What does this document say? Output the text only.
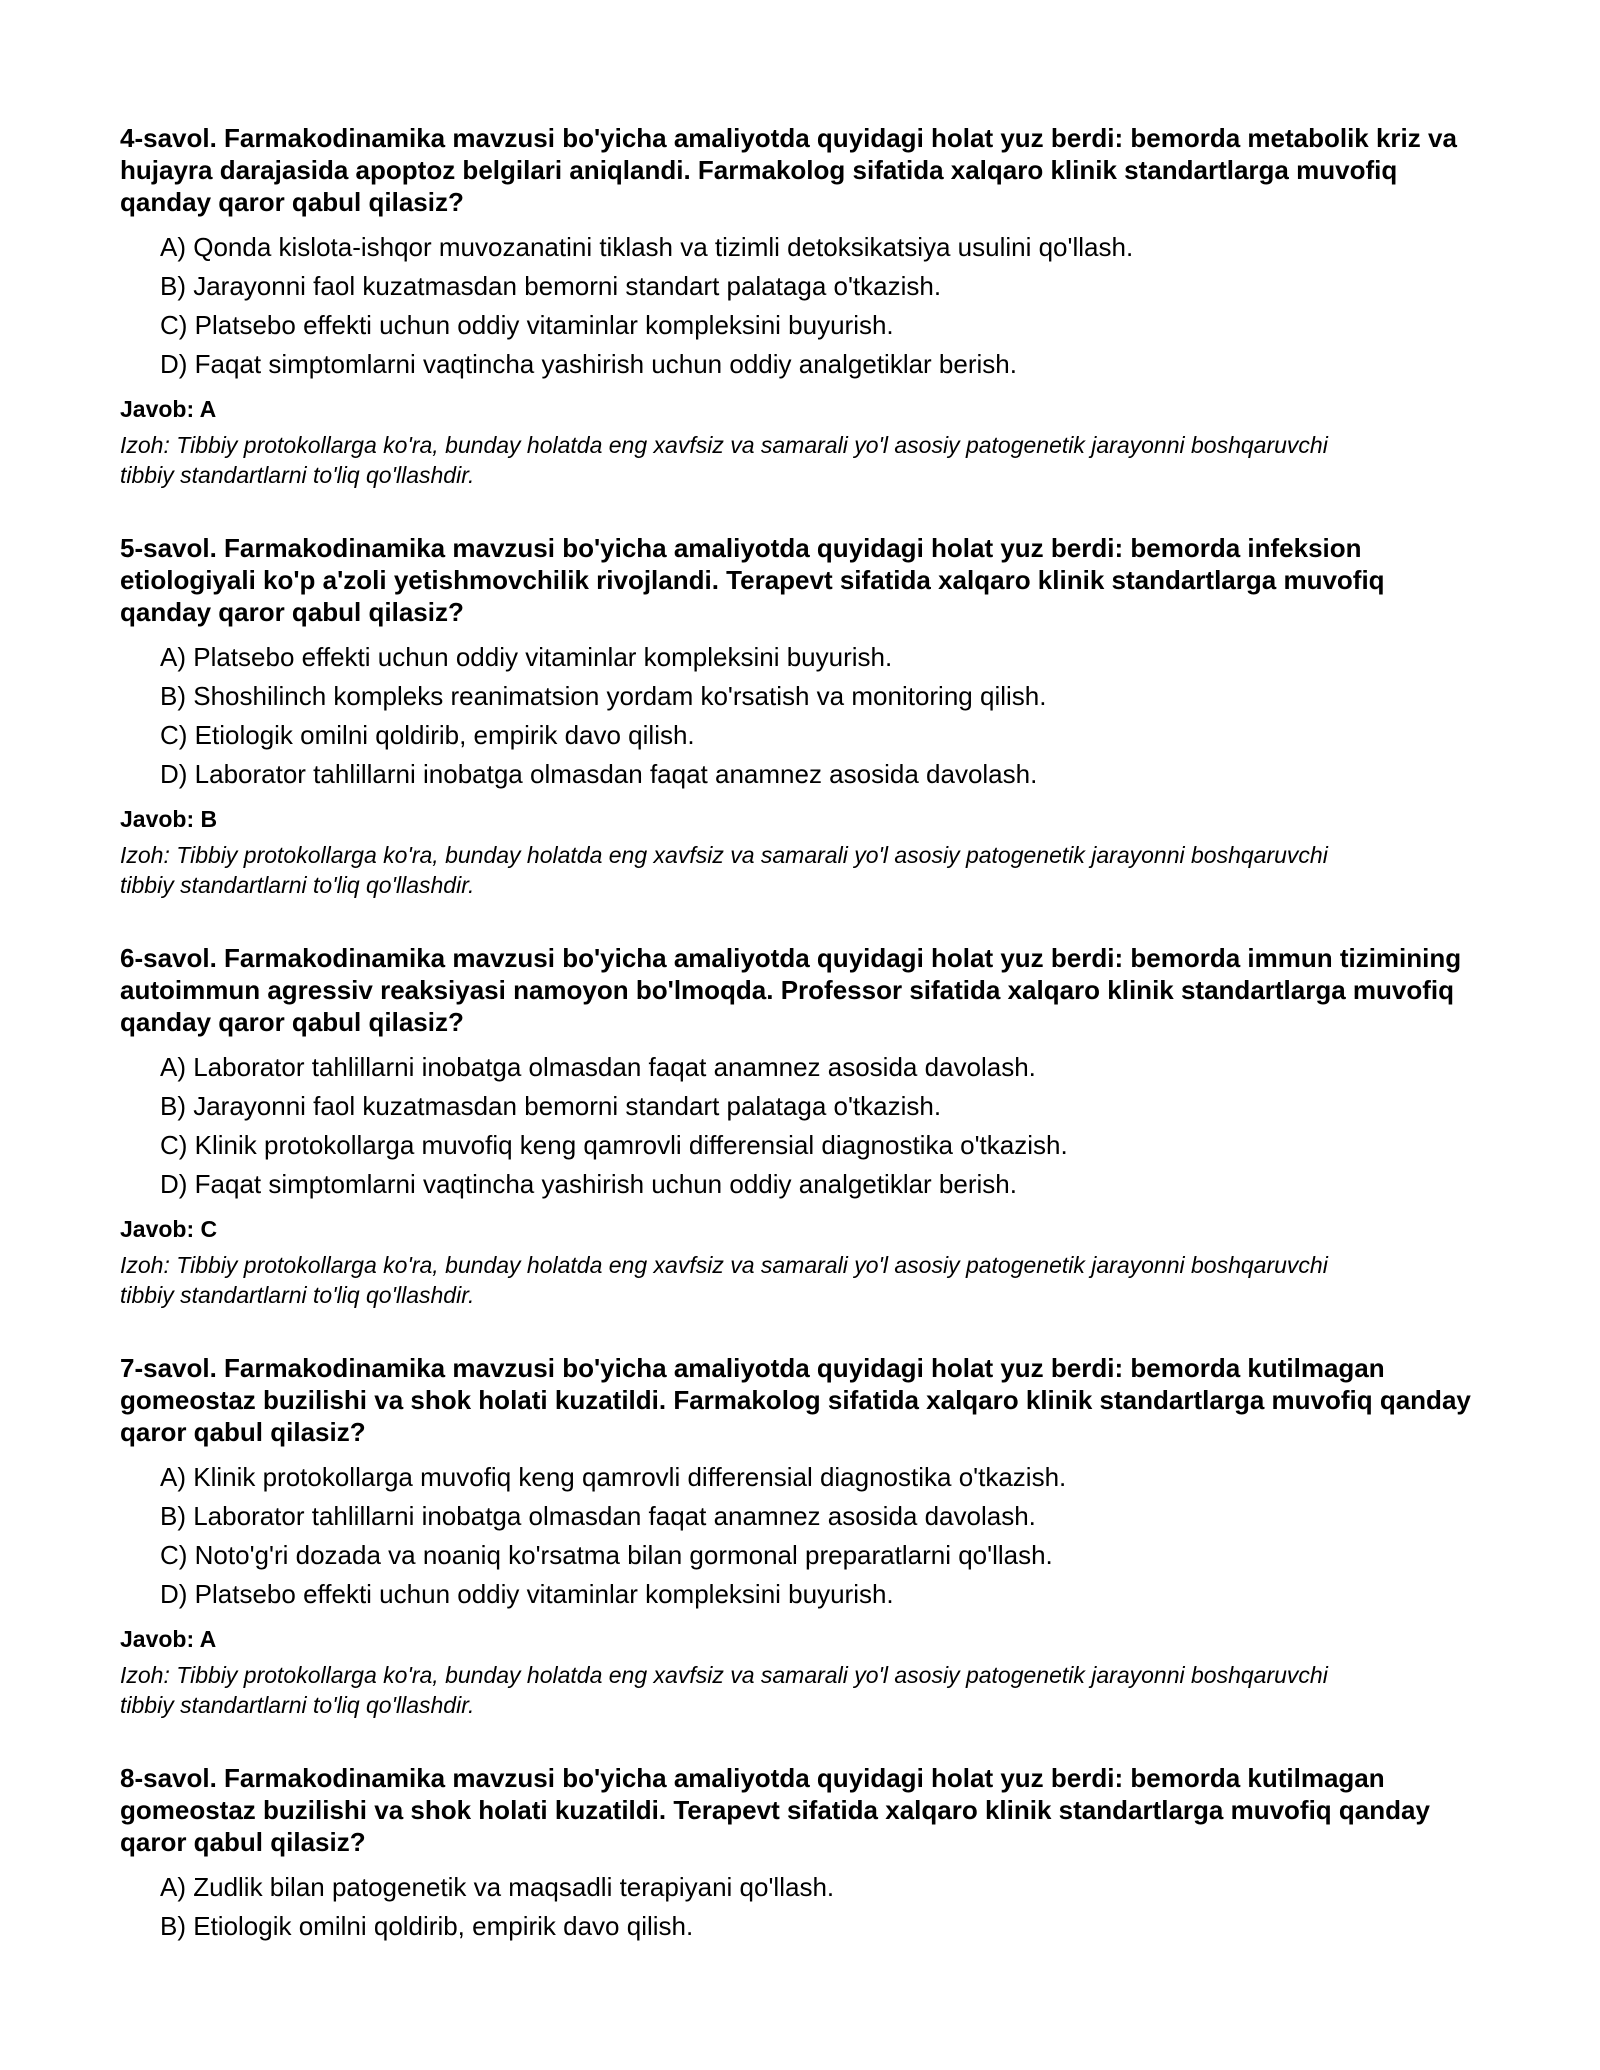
4-savol. Farmakodinamika mavzusi bo'yicha amaliyotda quyidagi holat yuz berdi: bemorda metabolik kriz va hujayra darajasida apoptoz belgilari aniqlandi. Farmakolog sifatida xalqaro klinik standartlarga muvofiq qanday qaror qabul qilasiz?

A) Qonda kislota-ishqor muvozanatini tiklash va tizimli detoksikatsiya usulini qo'llash.
B) Jarayonni faol kuzatmasdan bemorni standart palataga o'tkazish.
C) Platsebo effekti uchun oddiy vitaminlar kompleksini buyurish.
D) Faqat simptomlarni vaqtincha yashirish uchun oddiy analgetiklar berish.
Javob: A
Izoh: Tibbiy protokollarga ko'ra, bunday holatda eng xavfsiz va samarali yo'l asosiy patogenetik jarayonni boshqaruvchi tibbiy standartlarni to'liq qo'llashdir.

5-savol. Farmakodinamika mavzusi bo'yicha amaliyotda quyidagi holat yuz berdi: bemorda infeksion etiologiyali ko'p a'zoli yetishmovchilik rivojlandi. Terapevt sifatida xalqaro klinik standartlarga muvofiq qanday qaror qabul qilasiz?

A) Platsebo effekti uchun oddiy vitaminlar kompleksini buyurish.
B) Shoshilinch kompleks reanimatsion yordam ko'rsatish va monitoring qilish.
C) Etiologik omilni qoldirib, empirik davo qilish.
D) Laborator tahlillarni inobatga olmasdan faqat anamnez asosida davolash.
Javob: B
Izoh: Tibbiy protokollarga ko'ra, bunday holatda eng xavfsiz va samarali yo'l asosiy patogenetik jarayonni boshqaruvchi tibbiy standartlarni to'liq qo'llashdir.

6-savol. Farmakodinamika mavzusi bo'yicha amaliyotda quyidagi holat yuz berdi: bemorda immun tizimining autoimmun agressiv reaksiyasi namoyon bo'lmoqda. Professor sifatida xalqaro klinik standartlarga muvofiq qanday qaror qabul qilasiz?

A) Laborator tahlillarni inobatga olmasdan faqat anamnez asosida davolash.
B) Jarayonni faol kuzatmasdan bemorni standart palataga o'tkazish.
C) Klinik protokollarga muvofiq keng qamrovli differensial diagnostika o'tkazish.
D) Faqat simptomlarni vaqtincha yashirish uchun oddiy analgetiklar berish.
Javob: C
Izoh: Tibbiy protokollarga ko'ra, bunday holatda eng xavfsiz va samarali yo'l asosiy patogenetik jarayonni boshqaruvchi tibbiy standartlarni to'liq qo'llashdir.

7-savol. Farmakodinamika mavzusi bo'yicha amaliyotda quyidagi holat yuz berdi: bemorda kutilmagan gomeostaz buzilishi va shok holati kuzatildi. Farmakolog sifatida xalqaro klinik standartlarga muvofiq qanday qaror qabul qilasiz?

A) Klinik protokollarga muvofiq keng qamrovli differensial diagnostika o'tkazish.
B) Laborator tahlillarni inobatga olmasdan faqat anamnez asosida davolash.
C) Noto'g'ri dozada va noaniq ko'rsatma bilan gormonal preparatlarni qo'llash.
D) Platsebo effekti uchun oddiy vitaminlar kompleksini buyurish.
Javob: A
Izoh: Tibbiy protokollarga ko'ra, bunday holatda eng xavfsiz va samarali yo'l asosiy patogenetik jarayonni boshqaruvchi tibbiy standartlarni to'liq qo'llashdir.

8-savol. Farmakodinamika mavzusi bo'yicha amaliyotda quyidagi holat yuz berdi: bemorda kutilmagan gomeostaz buzilishi va shok holati kuzatildi. Terapevt sifatida xalqaro klinik standartlarga muvofiq qanday qaror qabul qilasiz?

A) Zudlik bilan patogenetik va maqsadli terapiyani qo'llash.
B) Etiologik omilni qoldirib, empirik davo qilish.
